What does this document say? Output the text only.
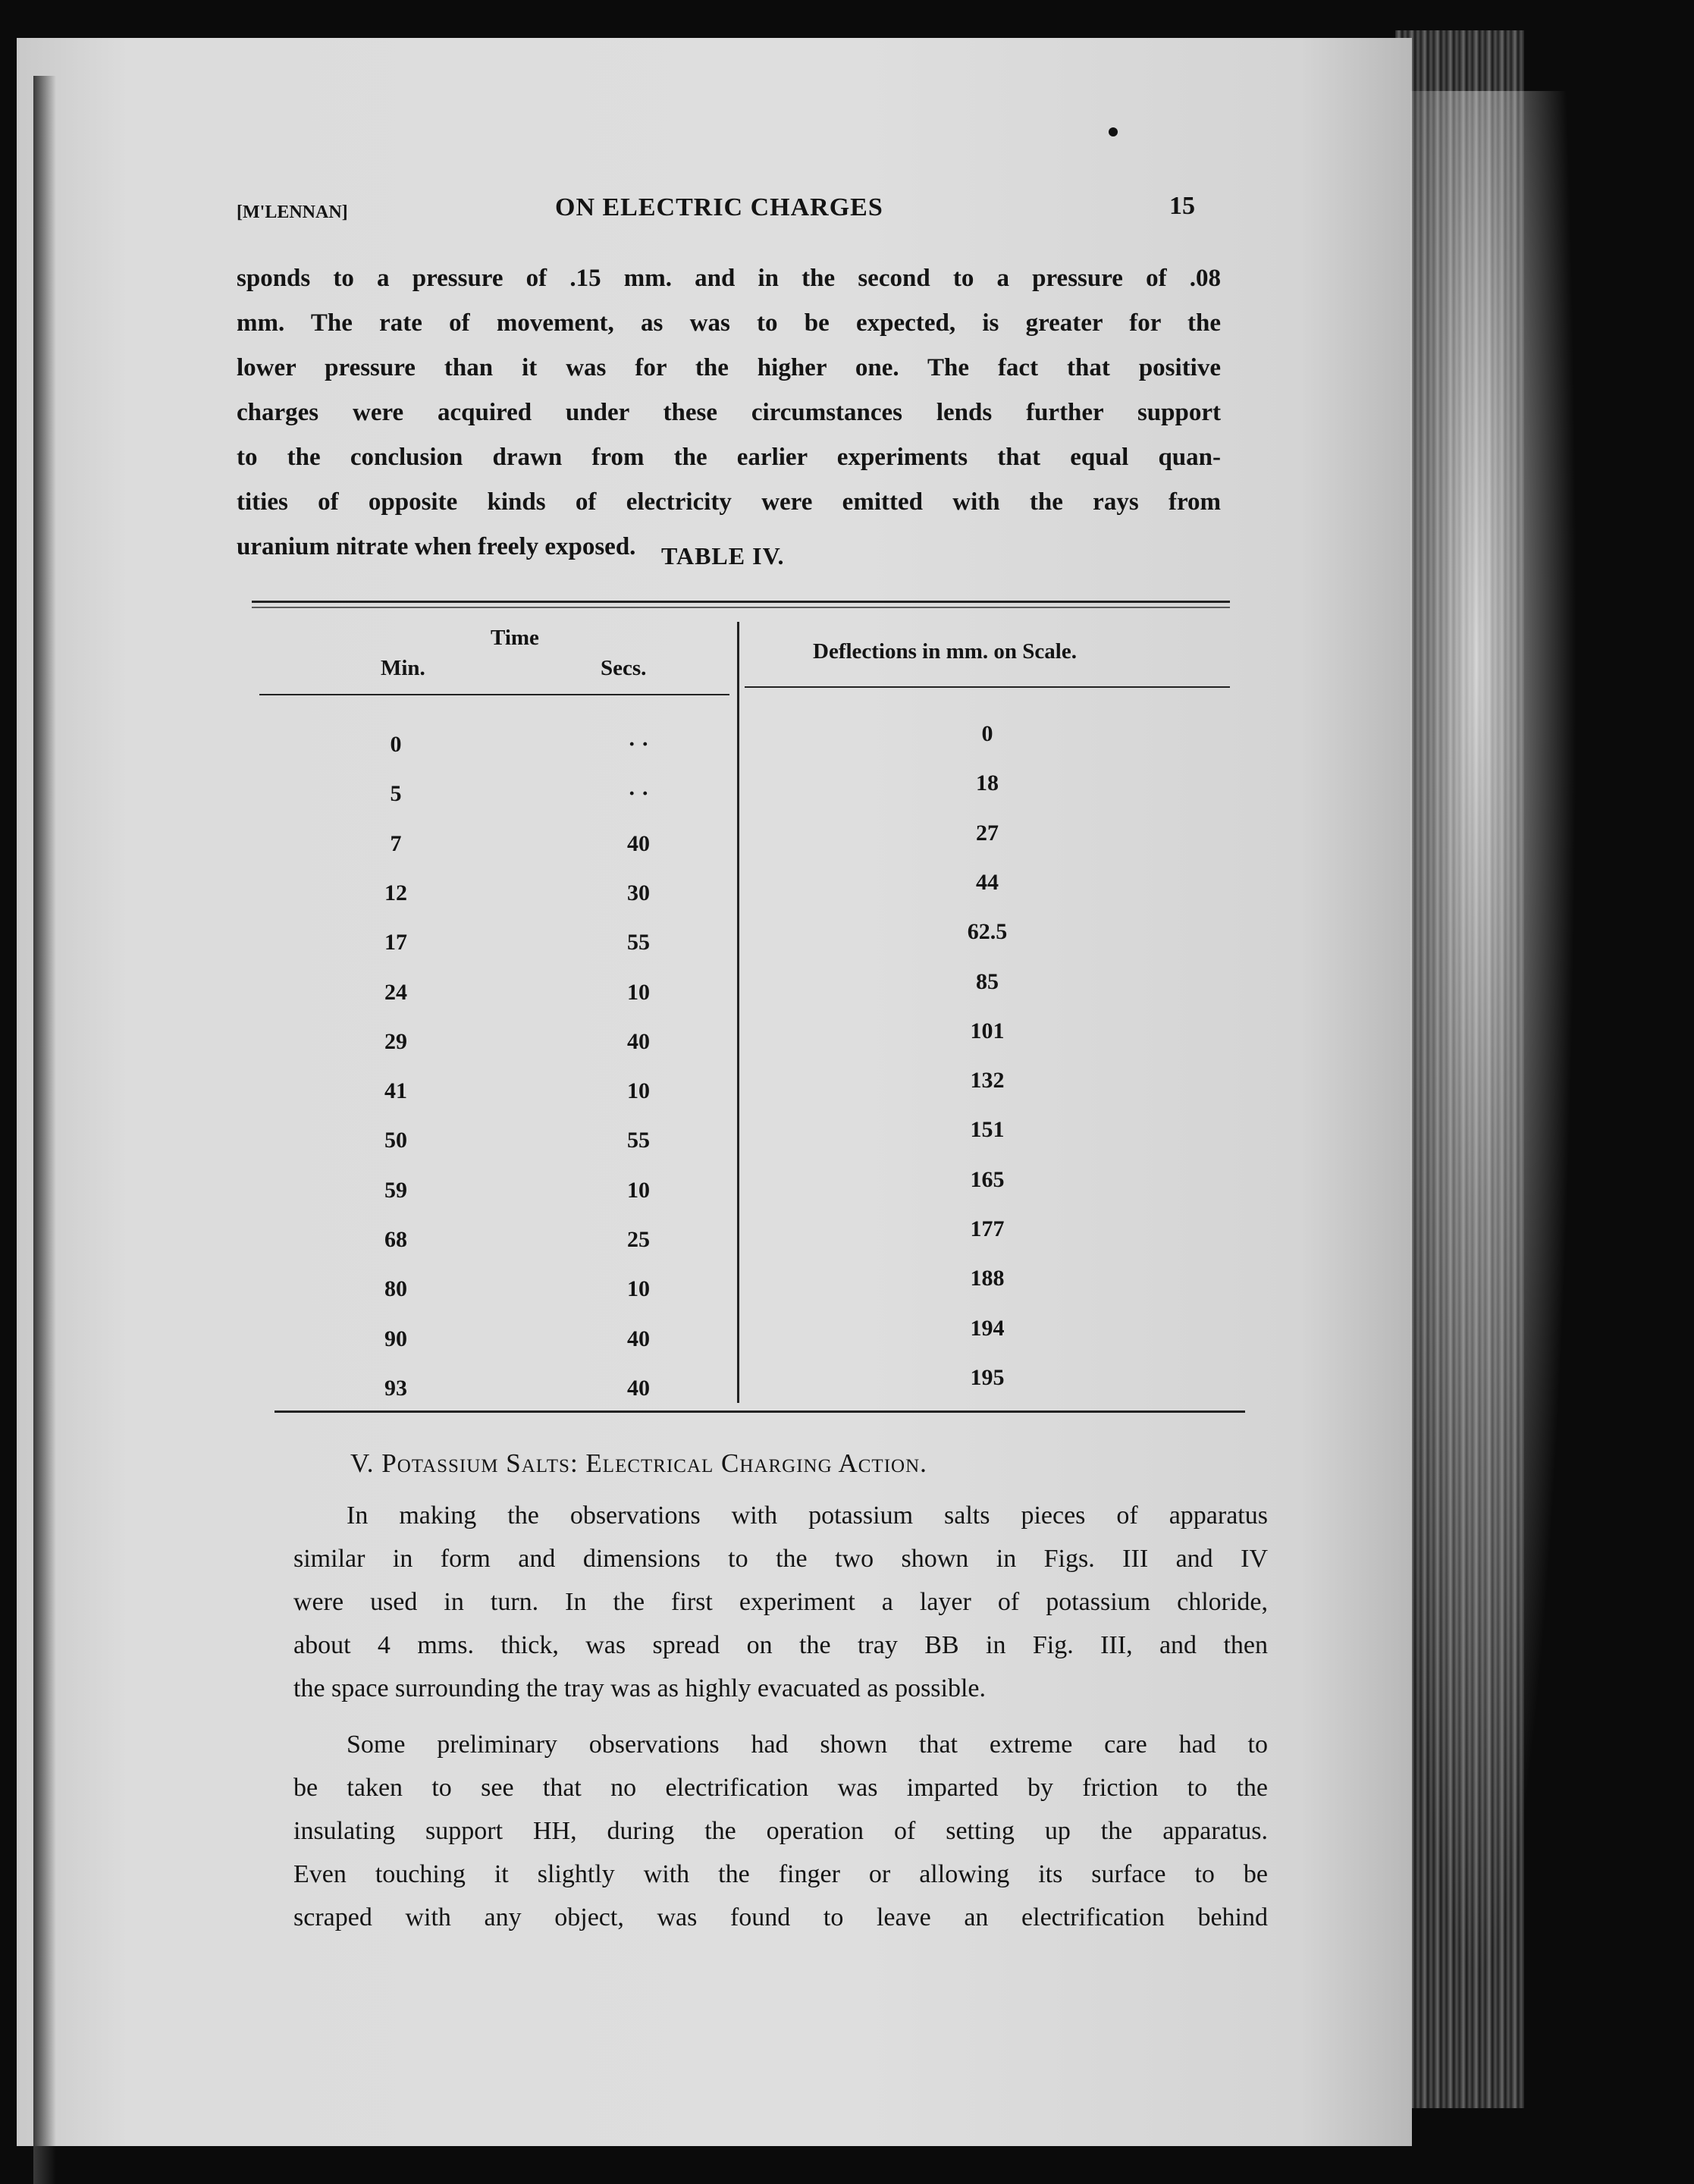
[M'LENNAN]	ON ELECTRIC CHARGES	15

sponds to a pressure of .15 mm. and in the second to a pressure of .08
mm. The rate of movement, as was to be expected, is greater for the
lower pressure than it was for the higher one. The fact that positive
charges were acquired under these circumstances lends further support
to the conclusion drawn from the earlier experiments that equal quan-
tities of opposite kinds of electricity were emitted with the rays from
uranium nitrate when freely exposed.	TABLE IV.
Time
Min.	Secs.
Deflections in mm. on Scale.
0	· ·	0
5	· ·	18
7	40	27
12	30	44
17	55	62.5
24	10	85
29	40	101
41	10	132
50	55	151
59	10	165
68	25	177
80	10	188
90	40	194
93	40	195
V. Potassium Salts: Electrical Charging Action.

In making the observations with potassium salts pieces of apparatus
similar in form and dimensions to the two shown in Figs. III and IV
were used in turn. In the first experiment a layer of potassium chloride,
about 4 mms. thick, was spread on the tray BB in Fig. III, and then
the space surrounding the tray was as highly evacuated as possible.

Some preliminary observations had shown that extreme care had to
be taken to see that no electrification was imparted by friction to the
insulating support HH, during the operation of setting up the apparatus.
Even touching it slightly with the finger or allowing its surface to be
scraped with any object, was found to leave an electrification behind
